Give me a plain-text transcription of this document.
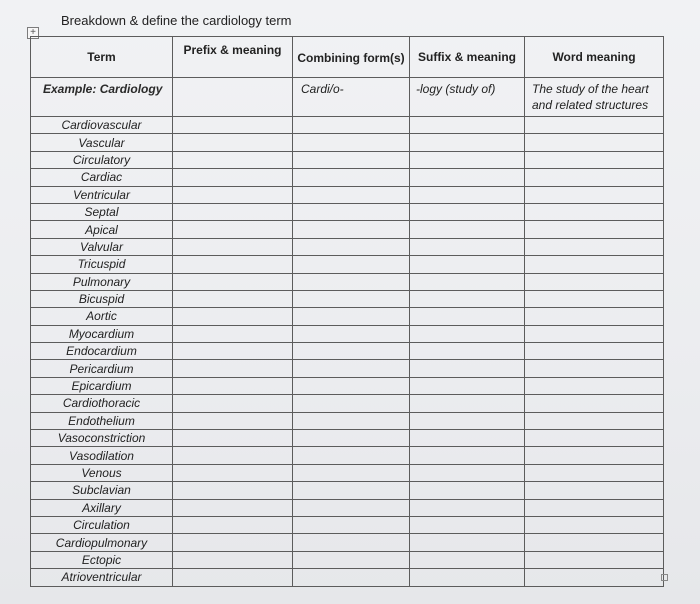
+
Breakdown & define the cardiology term
Term	Prefix & meaning	Combining form(s)	Suffix & meaning	Word meaning
Example: Cardiology		Cardi/o-	-logy (study of)	The study of the heart and related structures
Cardiovascular				
Vascular				
Circulatory				
Cardiac				
Ventricular				
Septal				
Apical				
Valvular				
Tricuspid				
Pulmonary				
Bicuspid				
Aortic				
Myocardium				
Endocardium				
Pericardium				
Epicardium				
Cardiothoracic				
Endothelium				
Vasoconstriction				
Vasodilation				
Venous				
Subclavian				
Axillary				
Circulation				
Cardiopulmonary				
Ectopic				
Atrioventricular				
